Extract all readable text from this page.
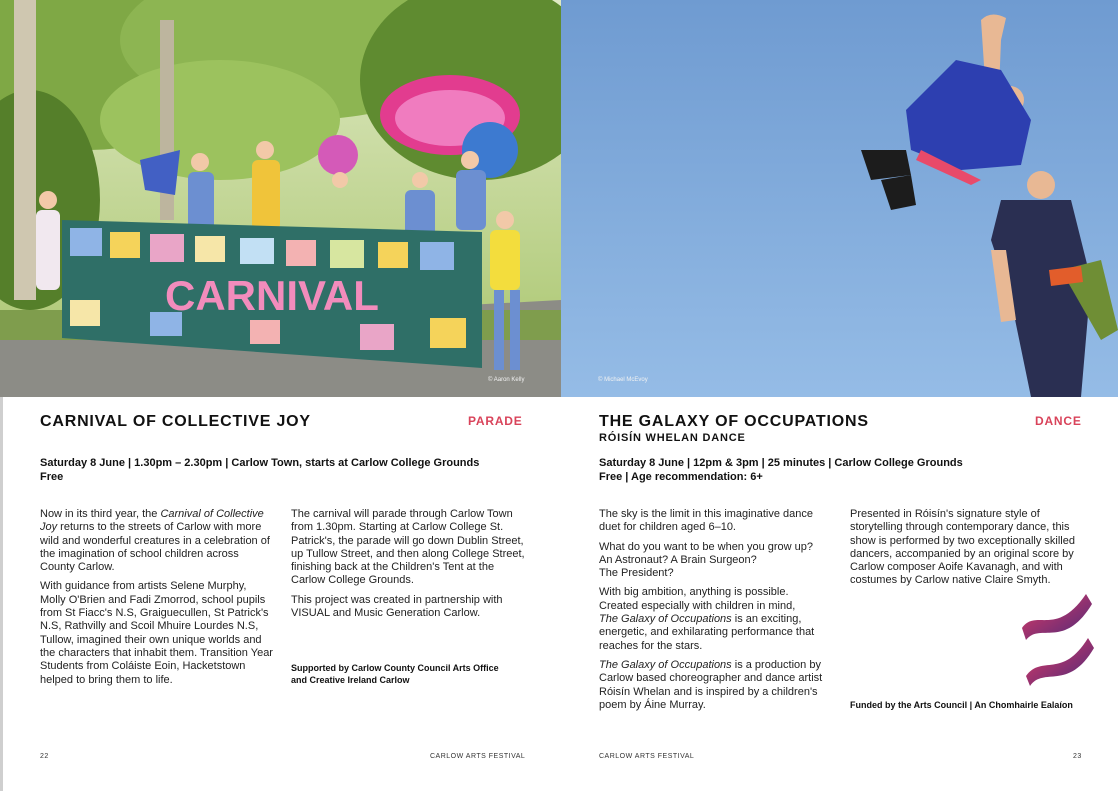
CARNIVAL
© Aaron Kelly
CARNIVAL OF COLLECTIVE JOY	PARADE
Saturday 8 June | 1.30pm – 2.30pm | Carlow Town, starts at Carlow College Grounds
Free

Now in its third year, the Carnival of Collective Joy returns to the streets of Carlow with more wild and wonderful creatures in a celebration of the imagination of school children across County Carlow.

With guidance from artists Selene Murphy, Molly O'Brien and Fadi Zmorrod, school pupils from St Fiacc's N.S, Graiguecullen, St Patrick's N.S, Rathvilly and Scoil Mhuire Lourdes N.S, Tullow, imagined their own unique worlds and the characters that inhabit them. Transition Year Students from Coláiste Eoin, Hacketstown helped to bring them to life.

The carnival will parade through Carlow Town from 1.30pm. Starting at Carlow College St. Patrick's, the parade will go down Dublin Street, up Tullow Street, and then along College Street, finishing back at the Children's Tent at the Carlow College Grounds.

This project was created in partnership with VISUAL and Music Generation Carlow.

Supported by Carlow County Council Arts Office
and Creative Ireland Carlow
22	CARLOW ARTS FESTIVAL
© Michael McEvoy
THE GALAXY OF OCCUPATIONS
RÓISÍN WHELAN DANCE
DANCE
Saturday 8 June | 12pm & 3pm | 25 minutes | Carlow College Grounds
Free | Age recommendation: 6+

The sky is the limit in this imaginative dance duet for children aged 6–10.

What do you want to be when you grow up?
An Astronaut? A Brain Surgeon?
The President?

With big ambition, anything is possible.
Created especially with children in mind,
The Galaxy of Occupations is an exciting, energetic, and exhilarating performance that reaches for the stars.

The Galaxy of Occupations is a production by Carlow based choreographer and dance artist Róisín Whelan and is inspired by a children's poem by Áine Murray.

Presented in Róisín's signature style of storytelling through contemporary dance, this show is performed by two exceptionally skilled dancers, accompanied by an original score by Carlow composer Aoife Kavanagh, and with costumes by Carlow native Claire Smyth.

Funded by the Arts Council | An Chomhairle Ealaíon
CARLOW ARTS FESTIVAL	23
